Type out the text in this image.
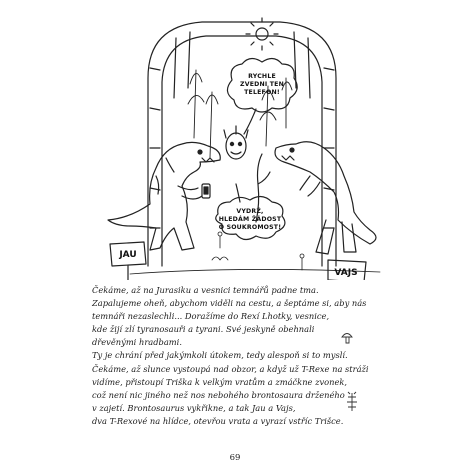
RYCHLE
ZVEDNI TEN
TELEFON!
VYDRŽ,
HLEDÁM ŽÁDOST
O SOUKROMOST!
JAU
VAJS
Čekáme, až na Jurasiku a vesnici temnářů padne tma.
Zapalujeme oheň, abychom viděli na cestu, a šeptáme si, aby nás
temnáři nezaslechli... Doražíme do Rexí Lhotky, vesnice,
kde žijí zlí tyranosauři a tyrani. Své jeskyně obehnali
dřevěnými hradbami.
Ty je chrání před jakýmkoli útokem, tedy alespoň si to myslí.
Čekáme, až slunce vystoupá nad obzor, a když už T-Rexe na stráži
vidíme, přistoupí Triška k velkým vratům a zmáčkne zvonek,
což není nic jiného než nos nebohého brontosaura drženého
v zajetí. Brontosaurus vykřikne, a tak Jau a Vajs,
dva T-Rexové na hlídce, otevřou vrata a vyrazí vstříc Trišce.
69
